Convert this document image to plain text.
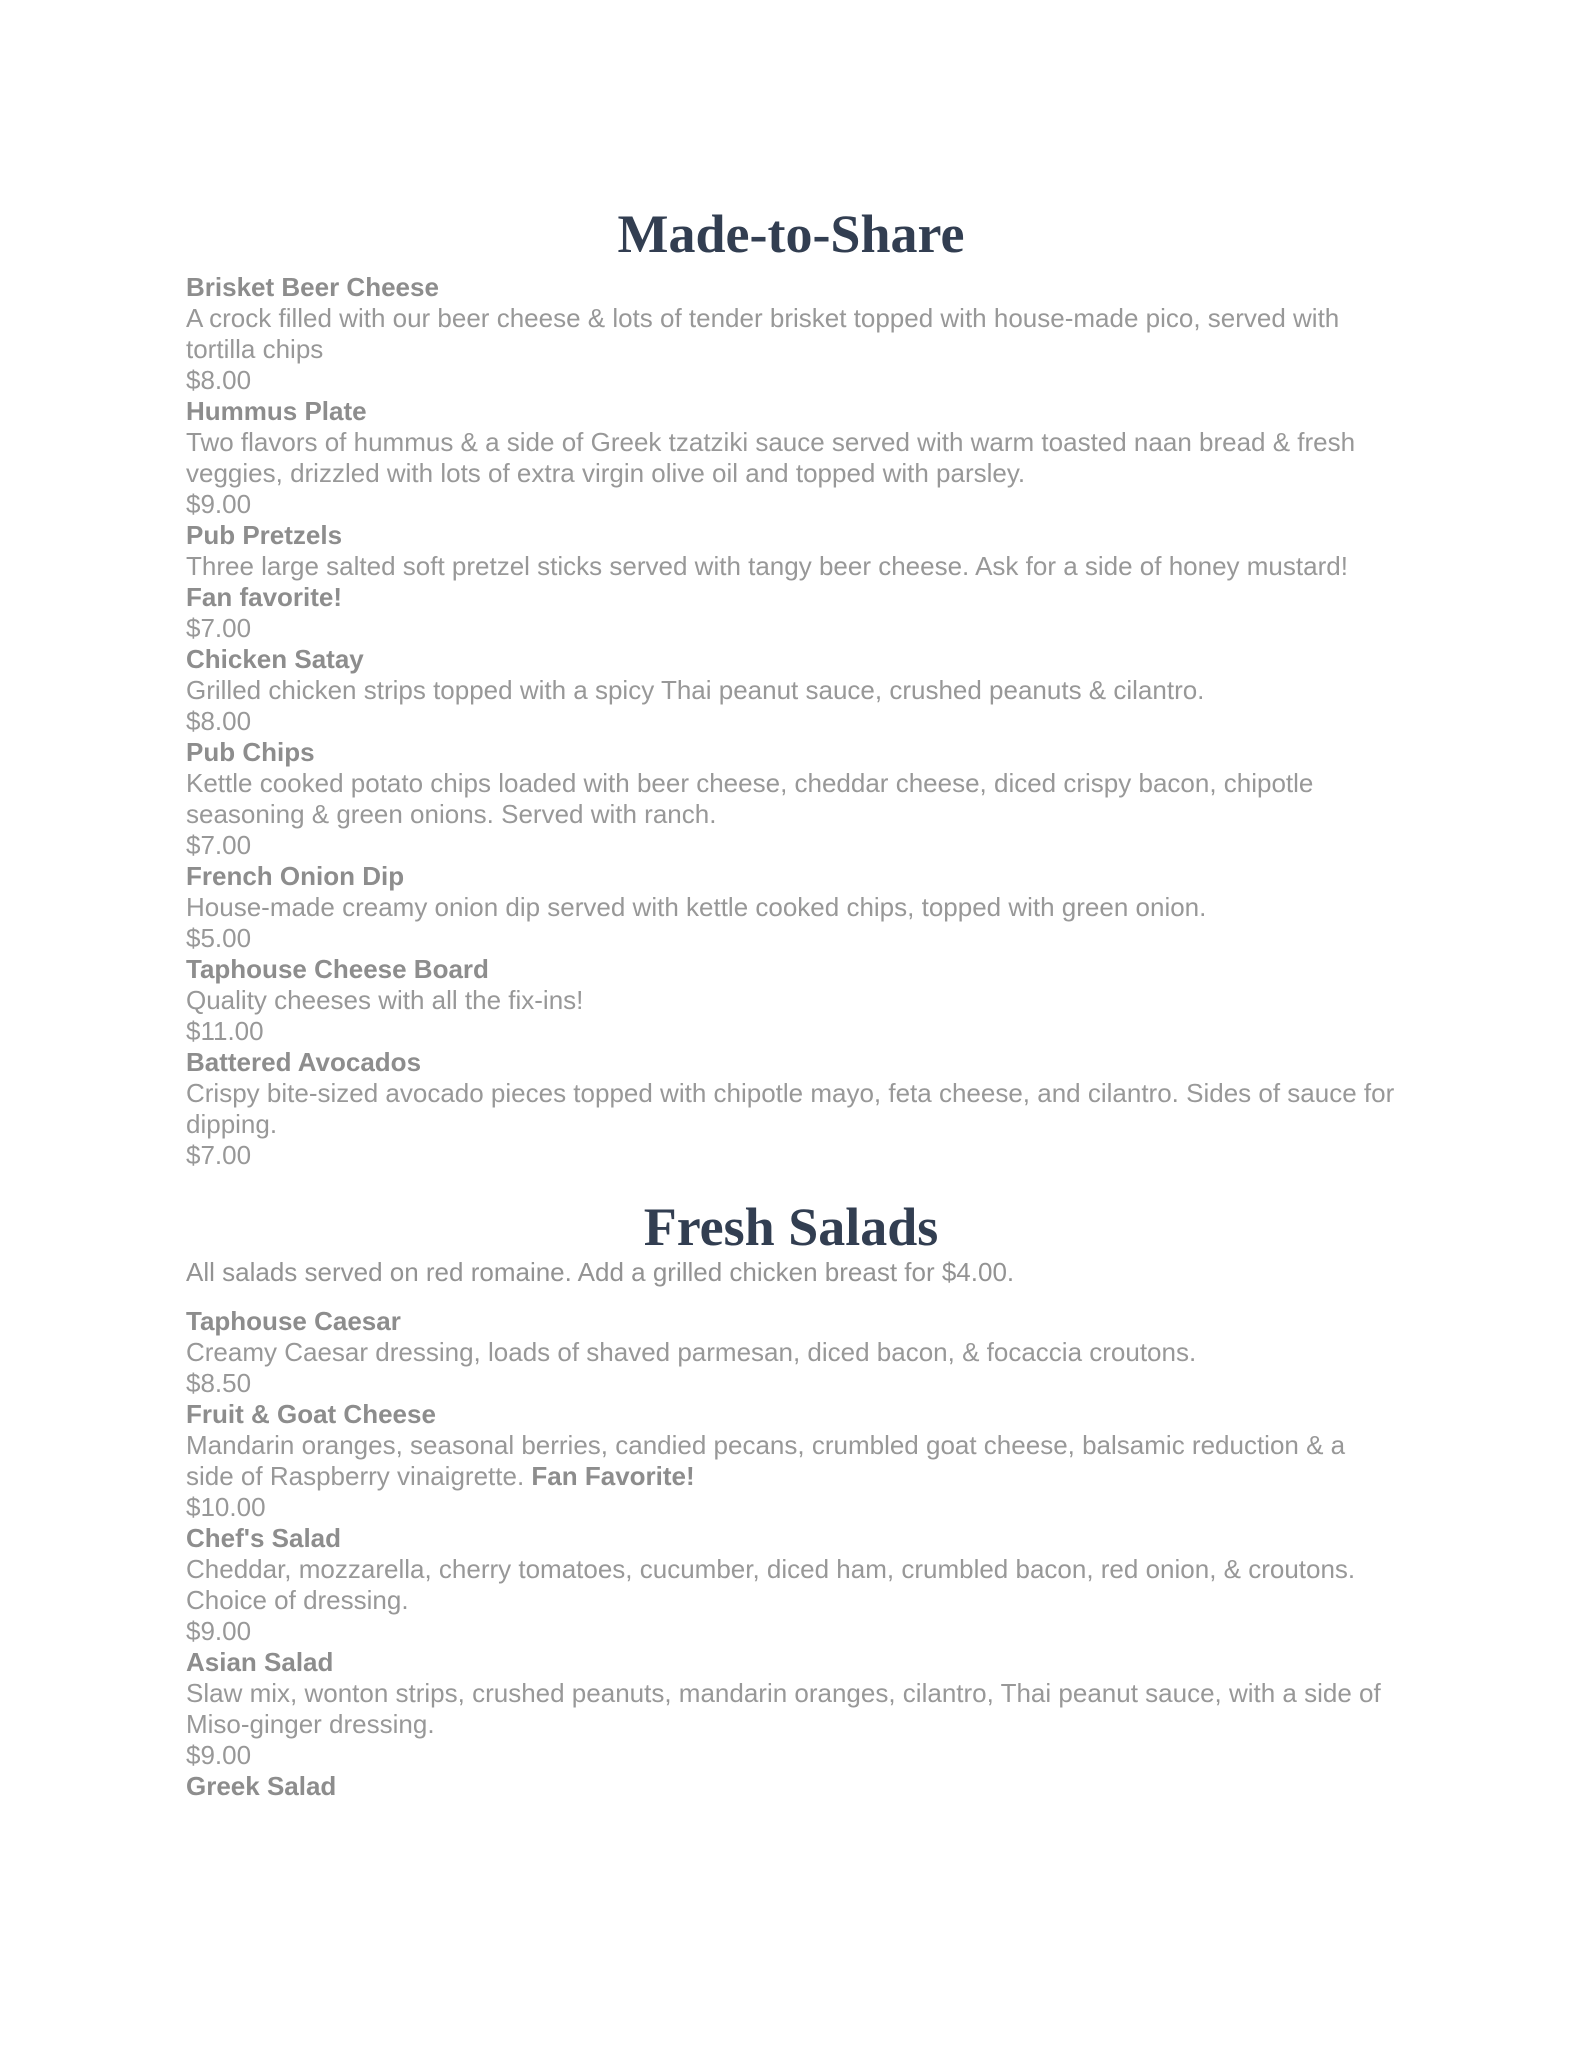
Made-to-Share
Brisket Beer Cheese
A crock filled with our beer cheese & lots of tender brisket topped with house-made pico, served with tortilla chips
$8.00
Hummus Plate
Two flavors of hummus & a side of Greek tzatziki sauce served with warm toasted naan bread & fresh veggies, drizzled with lots of extra virgin olive oil and topped with parsley.
$9.00
Pub Pretzels
Three large salted soft pretzel sticks served with tangy beer cheese. Ask for a side of honey mustard! Fan favorite!
$7.00
Chicken Satay
Grilled chicken strips topped with a spicy Thai peanut sauce, crushed peanuts & cilantro.
$8.00
Pub Chips
Kettle cooked potato chips loaded with beer cheese, cheddar cheese, diced crispy bacon, chipotle seasoning & green onions. Served with ranch.
$7.00
French Onion Dip
House-made creamy onion dip served with kettle cooked chips, topped with green onion.
$5.00
Taphouse Cheese Board
Quality cheeses with all the fix-ins!
$11.00
Battered Avocados
Crispy bite-sized avocado pieces topped with chipotle mayo, feta cheese, and cilantro. Sides of sauce for dipping.
$7.00
Fresh Salads

All salads served on red romaine. Add a grilled chicken breast for $4.00.

Taphouse Caesar
Creamy Caesar dressing, loads of shaved parmesan, diced bacon, & focaccia croutons.
$8.50
Fruit & Goat Cheese
Mandarin oranges, seasonal berries, candied pecans, crumbled goat cheese, balsamic reduction & a side of Raspberry vinaigrette. Fan Favorite!
$10.00
Chef's Salad
Cheddar, mozzarella, cherry tomatoes, cucumber, diced ham, crumbled bacon, red onion, & croutons. Choice of dressing.
$9.00
Asian Salad
Slaw mix, wonton strips, crushed peanuts, mandarin oranges, cilantro, Thai peanut sauce, with a side of Miso-ginger dressing.
$9.00
Greek Salad
